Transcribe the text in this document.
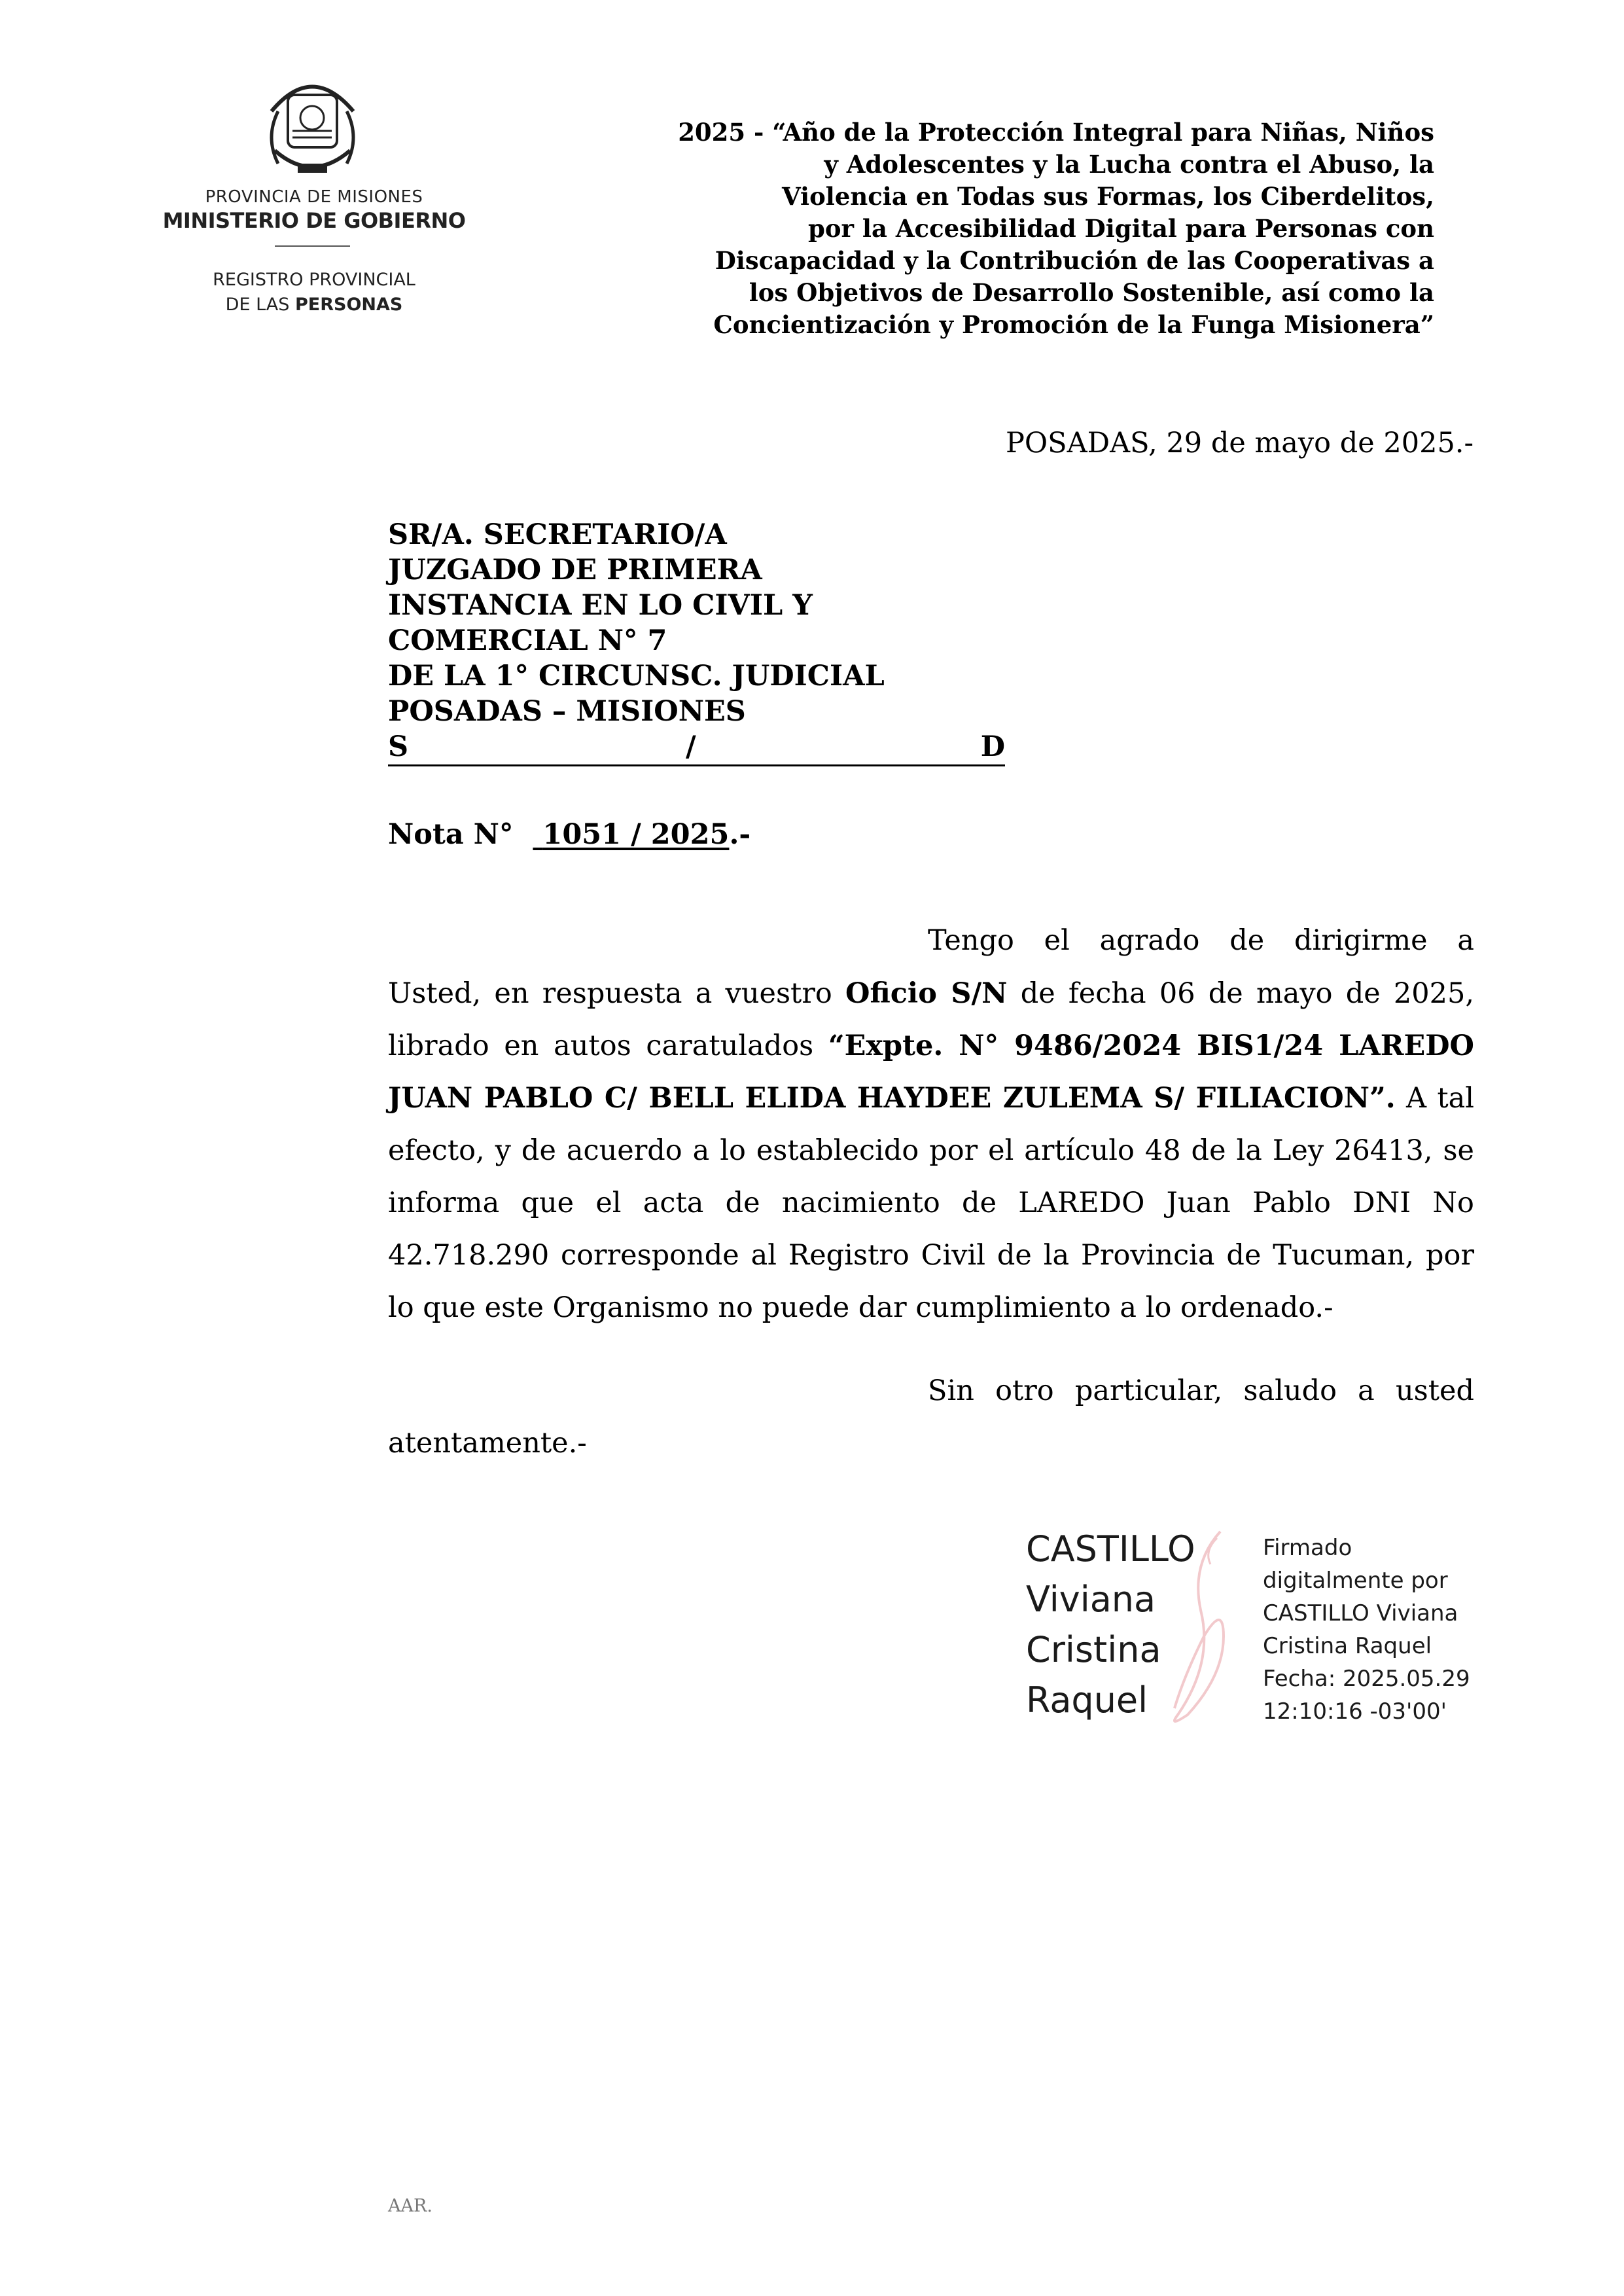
PROVINCIA DE MISIONES
MINISTERIO DE GOBIERNO
REGISTRO PROVINCIAL
DE LAS PERSONAS
2025 - “Año de la Protección Integral para Niñas, Niños
y Adolescentes y la Lucha contra el Abuso, la
Violencia en Todas sus Formas, los Ciberdelitos,
por la Accesibilidad Digital para Personas con
Discapacidad y la Contribución de las Cooperativas a
los Objetivos de Desarrollo Sostenible, así como la
Concientización y Promoción de la Funga Misionera”
POSADAS, 29 de mayo de 2025.-
SR/A. SECRETARIO/A
JUZGADO DE PRIMERA
INSTANCIA EN LO CIVIL Y
COMERCIAL N° 7
DE LA 1° CIRCUNSC. JUDICIAL
POSADAS – MISIONES
S	/	D
Nota N° 1051 / 2025.-
Tengo el agrado de dirigirme a
Usted, en respuesta a vuestro Oficio S/N de fecha 06 de mayo de 2025,
librado en autos caratulados “Expte. N° 9486/2024 BIS1/24 LAREDO
JUAN PABLO C/ BELL ELIDA HAYDEE ZULEMA S/ FILIACION”. A tal
efecto, y de acuerdo a lo establecido por el artículo 48 de la Ley 26413, se
informa que el acta de nacimiento de LAREDO Juan Pablo DNI No
42.718.290 corresponde al Registro Civil de la Provincia de Tucuman, por
lo que este Organismo no puede dar cumplimiento a lo ordenado.-
Sin otro particular, saludo a usted
atentamente.-
CASTILLO
Viviana
Cristina
Raquel
Firmado
digitalmente por
CASTILLO Viviana
Cristina Raquel
Fecha: 2025.05.29
12:10:16 -03'00'
AAR.
